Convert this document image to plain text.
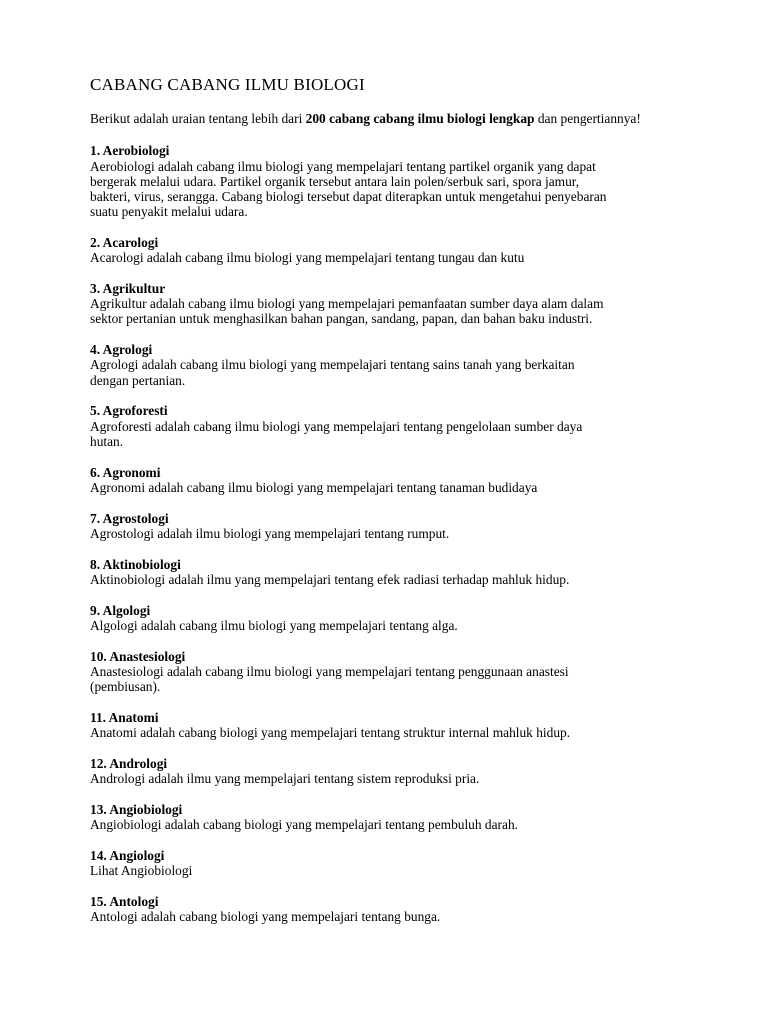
CABANG CABANG ILMU BIOLOGI

Berikut adalah uraian tentang lebih dari 200 cabang cabang ilmu biologi lengkap dan pengertiannya!

1. Aerobiologi
Aerobiologi adalah cabang ilmu biologi yang mempelajari tentang partikel organik yang dapat
bergerak melalui udara. Partikel organik tersebut antara lain polen/serbuk sari, spora jamur,
bakteri, virus, serangga. Cabang biologi tersebut dapat diterapkan untuk mengetahui penyebaran
suatu penyakit melalui udara.
2. Acarologi
Acarologi adalah cabang ilmu biologi yang mempelajari tentang tungau dan kutu
3. Agrikultur
Agrikultur adalah cabang ilmu biologi yang mempelajari pemanfaatan sumber daya alam dalam
sektor pertanian untuk menghasilkan bahan pangan, sandang, papan, dan bahan baku industri.
4. Agrologi
Agrologi adalah cabang ilmu biologi yang mempelajari tentang sains tanah yang berkaitan
dengan pertanian.
5. Agroforesti
Agroforesti adalah cabang ilmu biologi yang mempelajari tentang pengelolaan sumber daya
hutan.
6. Agronomi
Agronomi adalah cabang ilmu biologi yang mempelajari tentang tanaman budidaya
7. Agrostologi
Agrostologi adalah ilmu biologi yang mempelajari tentang rumput.
8. Aktinobiologi
Aktinobiologi adalah ilmu yang mempelajari tentang efek radiasi terhadap mahluk hidup.
9. Algologi
Algologi adalah cabang ilmu biologi yang mempelajari tentang alga.
10. Anastesiologi
Anastesiologi adalah cabang ilmu biologi yang mempelajari tentang penggunaan anastesi
(pembiusan).
11. Anatomi
Anatomi adalah cabang biologi yang mempelajari tentang struktur internal mahluk hidup.
12. Andrologi
Andrologi adalah ilmu yang mempelajari tentang sistem reproduksi pria.
13. Angiobiologi
Angiobiologi adalah cabang biologi yang mempelajari tentang pembuluh darah.
14. Angiologi
Lihat Angiobiologi
15. Antologi
Antologi adalah cabang biologi yang mempelajari tentang bunga.
